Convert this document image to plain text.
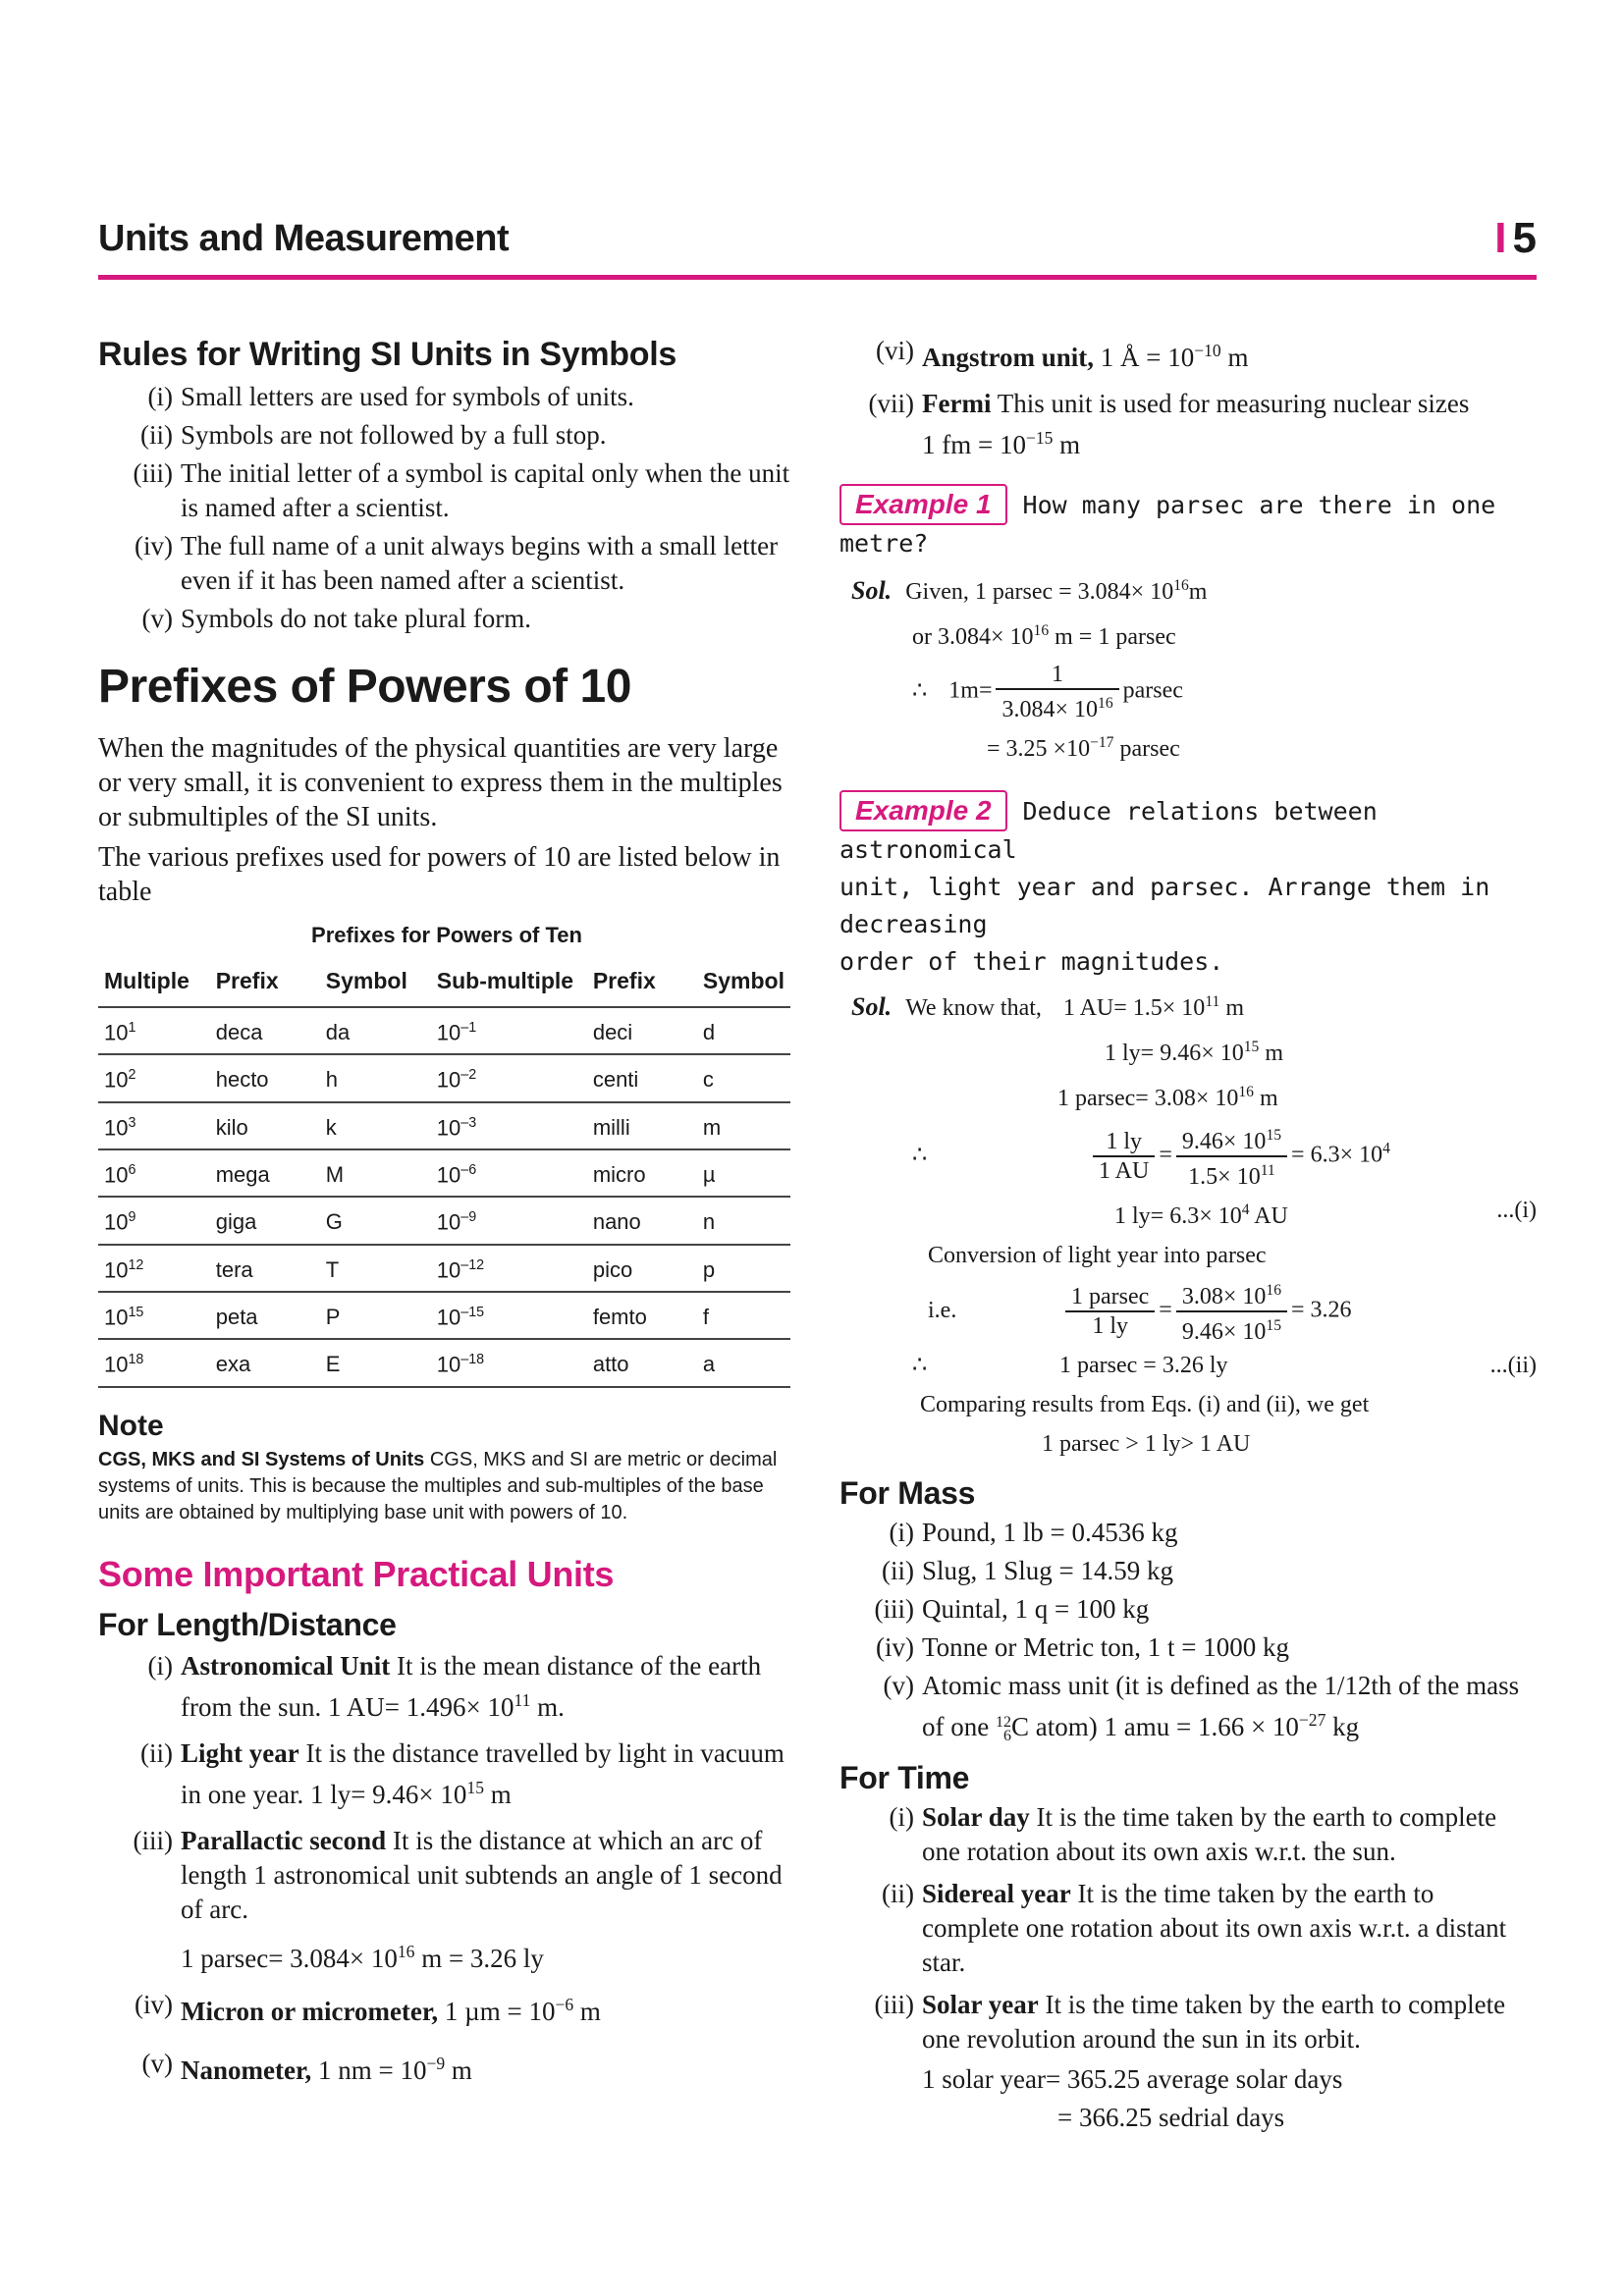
Units and Measurement	I 5
Rules for Writing SI Units in Symbols
(i) Small letters are used for symbols of units.
(ii) Symbols are not followed by a full stop.
(iii) The initial letter of a symbol is capital only when the unit is named after a scientist.
(iv) The full name of a unit always begins with a small letter even if it has been named after a scientist.
(v) Symbols do not take plural form.
Prefixes of Powers of 10

When the magnitudes of the physical quantities are very large or very small, it is convenient to express them in the multiples or submultiples of the SI units.

The various prefixes used for powers of 10 are listed below in table

Prefixes for Powers of Ten
Multiple	Prefix	Symbol	Sub-multiple	Prefix	Symbol
$10^1$	deca	da	$10^{-1}$	deci	d
$10^2$	hecto	h	$10^{-2}$	centi	c
$10^3$	kilo	k	$10^{-3}$	milli	m
$10^6$	mega	M	$10^{-6}$	micro	µ
$10^9$	giga	G	$10^{-9}$	nano	n
$10^{12}$	tera	T	$10^{-12}$	pico	p
$10^{15}$	peta	P	$10^{-15}$	femto	f
$10^{18}$	exa	E	$10^{-18}$	atto	a
Note

CGS, MKS and SI Systems of Units CGS, MKS and SI are metric or decimal systems of units. This is because the multiples and sub-multiples of the base units are obtained by multiplying base unit with powers of 10.

Some Important Practical Units
For Length/Distance
(i) Astronomical Unit It is the mean distance of the earth from the sun. 1 $AU= 1.496\times 10^{11}$ m.
(ii) Light year It is the distance travelled by light in vacuum in one year. 1 $ly= 9.46\times 10^{15}$ m
(iii) Parallactic second It is the distance at which an arc of length 1 astronomical unit subtends an angle of 1 second of arc.
1 $parsec= 3.084\times 10^{16}$ m = 3.26 ly
(iv) Micron or micrometer, 1 $\mu m = 10^{-6}$ m
(v) Nanometer, 1 nm = $10^{-9}$ m
(vi) Angstrom unit, 1 Å = $10^{-10}$ m
(vii) Fermi This unit is used for measuring nuclear sizes
1 fm = $10^{-15}$ m
Example 1 How many parsec are there in one
metre?
Sol. Given, 1 $parsec = 3.084\times 10^{16}m$
or $3.084\times 10^{16}$ m = 1 parsec
∴ $1m= \frac{1}{3.084\times 10^{16}}$ parsec
= $3.25 \times 10^{-17}$ parsec
Example 2 Deduce relations between astronomical
unit, light year and parsec. Arrange them in decreasing
order of their magnitudes.
Sol. We know that, 1 $AU= 1.5\times 10^{11}$ m
1 $ly= 9.46\times 10^{15}$ m
1 $parsec= 3.08\times 10^{16}$ m
∴	$\frac{1 ly}{1 AU} = \frac{9.46\times 10^{15}}{1.5\times 10^{11}} = 6.3\times 10^4$
1 $ly= 6.3\times 10^4$ AU	...(i)
Conversion of light year into parsec
i.e.	$\frac{\text{1 parsec}}{1 ly} = \frac{3.08\times 10^{16}}{9.46\times 10^{15}} = 3.26$
∴	1 parsec = 3.26 ly	...(ii)
Comparing results from Eqs. (i) and (ii), we get
1 parsec > 1 ly> 1 AU
For Mass
(i) Pound, 1 lb = 0.4536 kg
(ii) Slug, 1 Slug = 14.59 kg
(iii) Quintal, 1 q = 100 kg
(iv) Tonne or Metric ton, 1 t = 1000 kg
(v) Atomic mass unit (it is defined as the 1/12th of the mass of one 12
6 C atom) 1 amu = $1.66 \times 10^{-27}$ kg
For Time
(i) Solar day It is the time taken by the earth to complete one rotation about its own axis w.r.t. the sun.
(ii) Sidereal year It is the time taken by the earth to complete one rotation about its own axis w.r.t. a distant star.
(iii) Solar year It is the time taken by the earth to complete one revolution around the sun in its orbit.
1 solar year= 365.25 average solar days
= 366.25 sedrial days
